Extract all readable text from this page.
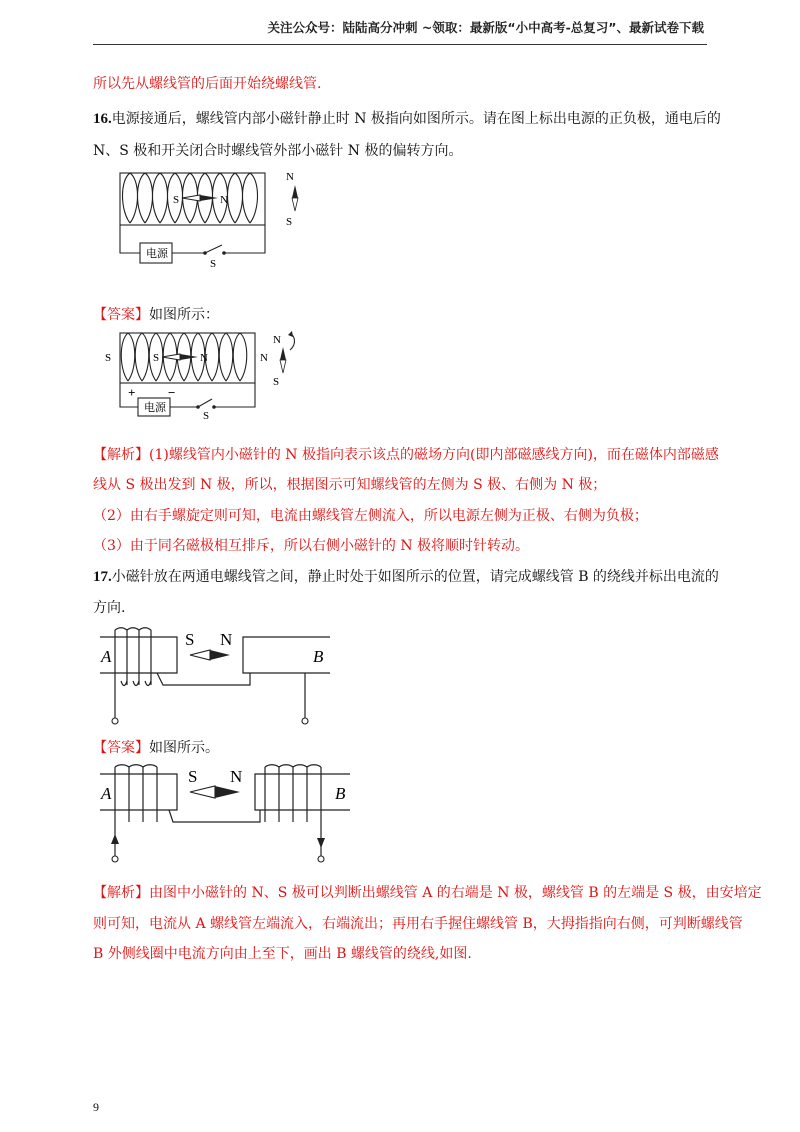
关注公众号：陆陆高分冲刺 ~领取：最新版“小中高考-总复习”、最新试卷下载
所以先从螺线管的后面开始绕螺线管.
16.电源接通后，螺线管内部小磁针静止时 N 极指向如图所示。请在图上标出电源的正负极，通电后的
N、S 极和开关闭合时螺线管外部小磁针 N 极的偏转方向。
S	N
电源
S
N
S
【答案】如图所示：
S	N
S	N
+	−
电源
S
N
S
【解析】(1)螺线管内小磁针的 N 极指向表示该点的磁场方向(即内部磁感线方向)，而在磁体内部磁感
线从 S 极出发到 N 极，所以，根据图示可知螺线管的左侧为 S 极、右侧为 N 极；
（2）由右手螺旋定则可知，电流由螺线管左侧流入，所以电源左侧为正极、右侧为负极；
（3）由于同名磁极相互排斥，所以右侧小磁针的 N 极将顺时针转动。
17.小磁针放在两通电螺线管之间，静止时处于如图所示的位置，请完成螺线管 B 的绕线并标出电流的
方向.
S N
A	B
【答案】如图所示。
S N
A	B
【解析】由图中小磁针的 N、S 极可以判断出螺线管 A 的右端是 N 极，螺线管 B 的左端是 S 极，由安培定
则可知，电流从 A 螺线管左端流入，右端流出；再用右手握住螺线管 B，大拇指指向右侧，可判断螺线管
B 外侧线圈中电流方向由上至下，画出 B 螺线管的绕线,如图.
9
